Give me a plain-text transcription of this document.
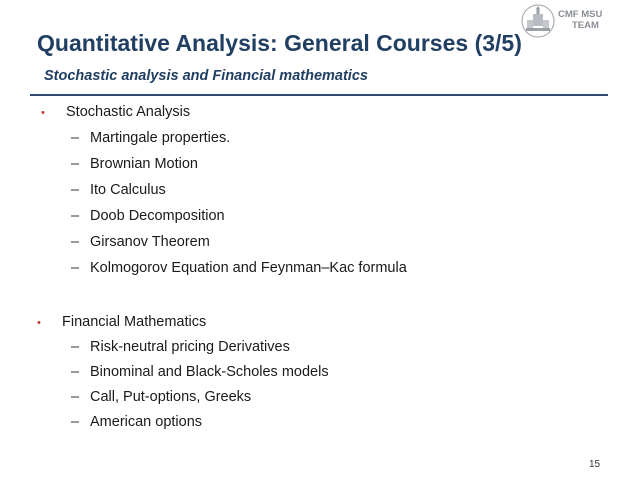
CMF MSU
TEAM
Quantitative Analysis: General Courses (3/5)
Stochastic analysis and Financial mathematics
• Stochastic Analysis
– Martingale properties.
– Brownian Motion
– Ito Calculus
– Doob Decomposition
– Girsanov Theorem
– Kolmogorov Equation and Feynman–Kac formula
• Financial Mathematics
– Risk-neutral pricing Derivatives
– Binominal and Black-Scholes models
– Call, Put-options, Greeks
– American options
15
